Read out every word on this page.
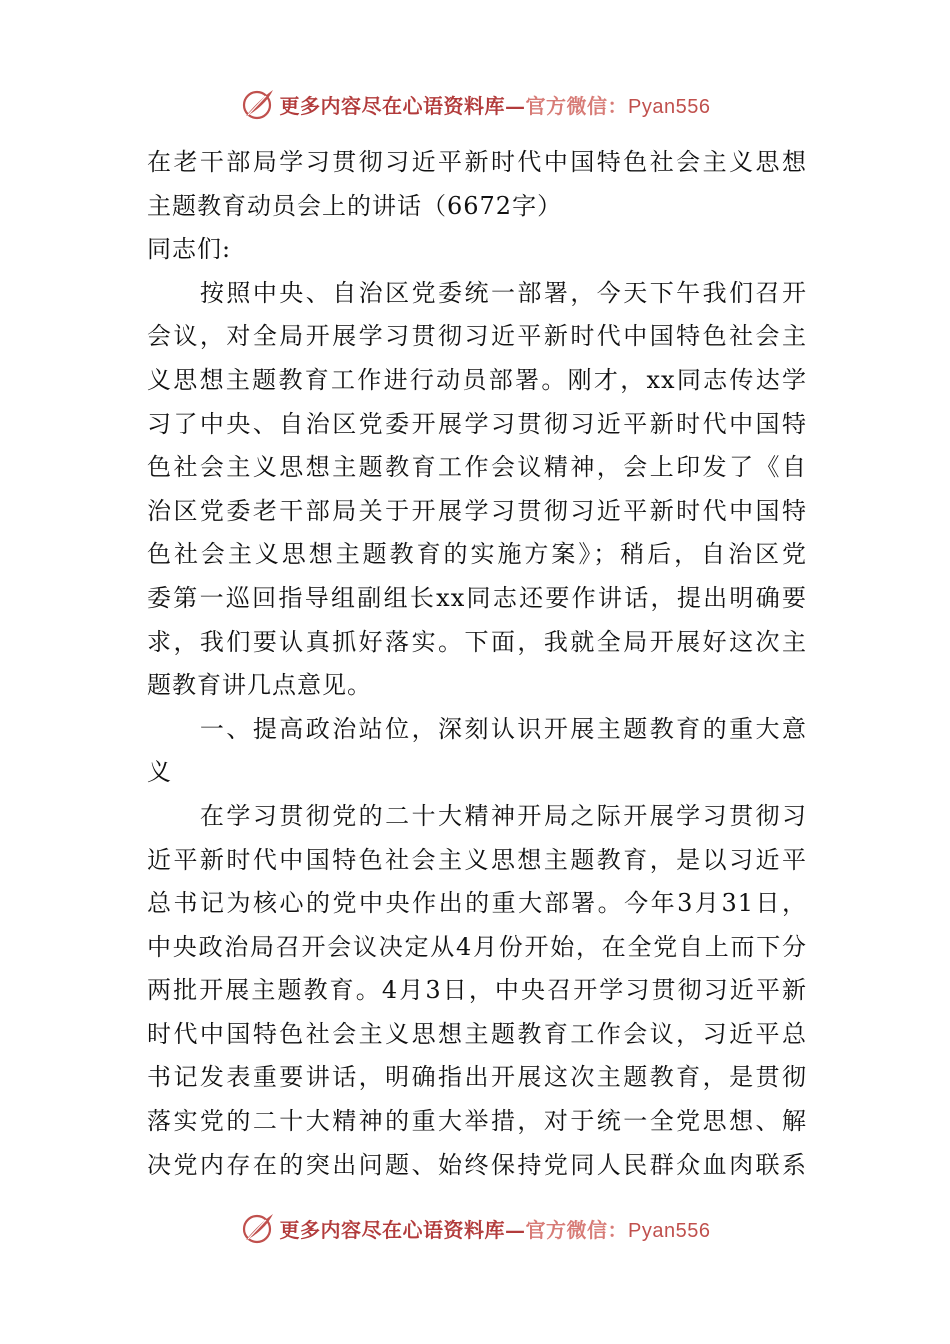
更多内容尽在心语资料库—官方微信：Pyan556
在老干部局学习贯彻习近平新时代中国特色社会主义思想
主题教育动员会上的讲话（6672字）
同志们:
　　按照中央、自治区党委统一部署，今天下午我们召开
会议，对全局开展学习贯彻习近平新时代中国特色社会主
义思想主题教育工作进行动员部署。刚才，xx同志传达学
习了中央、自治区党委开展学习贯彻习近平新时代中国特
色社会主义思想主题教育工作会议精神，会上印发了《自
治区党委老干部局关于开展学习贯彻习近平新时代中国特
色社会主义思想主题教育的实施方案》；稍后，自治区党
委第一巡回指导组副组长xx同志还要作讲话，提出明确要
求，我们要认真抓好落实。下面，我就全局开展好这次主
题教育讲几点意见。
　　一、提高政治站位，深刻认识开展主题教育的重大意
义
　　在学习贯彻党的二十大精神开局之际开展学习贯彻习
近平新时代中国特色社会主义思想主题教育，是以习近平
总书记为核心的党中央作出的重大部署。今年3月31日，
中央政治局召开会议决定从4月份开始，在全党自上而下分
两批开展主题教育。4月3日，中央召开学习贯彻习近平新
时代中国特色社会主义思想主题教育工作会议，习近平总
书记发表重要讲话，明确指出开展这次主题教育，是贯彻
落实党的二十大精神的重大举措，对于统一全党思想、解
决党内存在的突出问题、始终保持党同人民群众血肉联系
更多内容尽在心语资料库—官方微信：Pyan556
